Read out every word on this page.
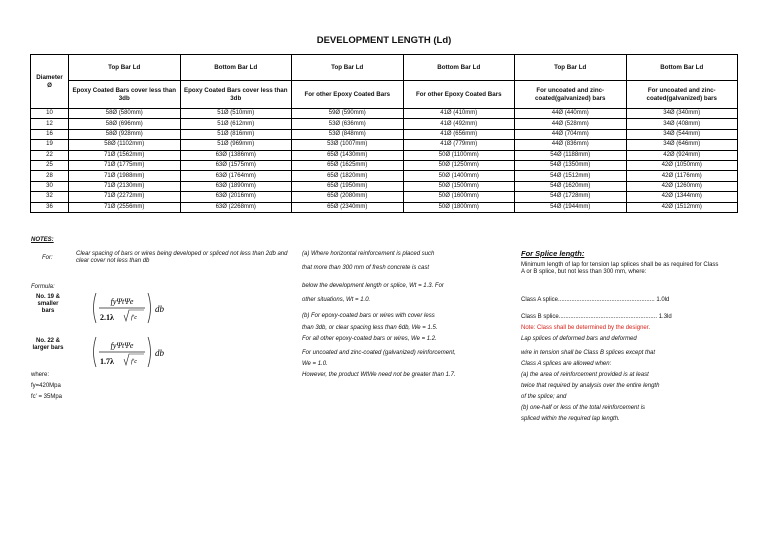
DEVELOPMENT LENGTH (Ld)
Diameter
Ø	Top Bar Ld	Bottom Bar Ld	Top Bar Ld	Bottom Bar Ld	Top Bar Ld	Bottom Bar Ld
	Epoxy Coated Bars cover less than 3db	Epoxy Coated Bars cover less than 3db	For other Epoxy Coated Bars	For other Epoxy Coated Bars	For uncoated and zinc-coated(galvanized) bars	For uncoated and zinc-coated(galvanized) bars
10	58Ø (580mm)	51Ø (510mm)	59Ø (590mm)	41Ø (410mm)	44Ø (440mm)	34Ø (340mm)
12	58Ø (696mm)	51Ø (612mm)	53Ø (636mm)	41Ø (492mm)	44Ø (528mm)	34Ø (408mm)
16	58Ø (928mm)	51Ø (816mm)	53Ø (848mm)	41Ø (656mm)	44Ø (704mm)	34Ø (544mm)
19	58Ø (1102mm)	51Ø (969mm)	53Ø (1007mm)	41Ø (779mm)	44Ø (836mm)	34Ø (646mm)
22	71Ø (1562mm)	63Ø (1386mm)	65Ø (1430mm)	50Ø (1100mm)	54Ø (1188mm)	42Ø (924mm)
25	71Ø (1775mm)	63Ø (1575mm)	65Ø (1625mm)	50Ø (1250mm)	54Ø (1350mm)	42Ø (1050mm)
28	71Ø (1988mm)	63Ø (1764mm)	65Ø (1820mm)	50Ø (1400mm)	54Ø (1512mm)	42Ø (1176mm)
30	71Ø (2130mm)	63Ø (1890mm)	65Ø (1950mm)	50Ø (1500mm)	54Ø (1620mm)	42Ø (1260mm)
32	71Ø (2272mm)	63Ø (2016mm)	65Ø (2080mm)	50Ø (1600mm)	54Ø (1728mm)	42Ø (1344mm)
36	71Ø (2556mm)	63Ø (2268mm)	65Ø (2340mm)	50Ø (1800mm)	54Ø (1944mm)	42Ø (1512mm)
NOTES:
For:
Clear spacing of bars or wires being developed or spliced not less than 2db and clear cover not less than db
Formula:
No. 19 & smaller bars
No. 22 & larger bars
fyΨtΨe
2.1λ	f'c
db
fyΨtΨe
1.7λ	f'c
db
where:
fy=420Mpa
fc' = 35Mpa
(a) Where horizontal reinforcement is placed such
that more than 300 mm of fresh concrete is cast
below the development length or splice, Wt = 1.3. For
other situations, Wt = 1.0.
(b) For epoxy-coated bars or wires with cover less
than 3db, or clear spacing less than 6db, We = 1.5.
For all other epoxy-coated bars or wires, We = 1.2.
For uncoated and zinc-coated (galvanized) reinforcement,
We = 1.0.
However, the product WtWe need not be greater than 1.7.
For Splice length:
Minimum length of lap for tension lap splices shall be as required for Class A or B splice, but not less than 300 mm, where:
Class A splice.......................................................... 1.0ld
Class B splice........................................................... 1.3ld
Note: Class shall be determined by the designer.
Lap splices of deformed bars and deformed
wire in tension shall be Class B splices except that
Class A splices are allowed when:
(a) the area of reinforcement provided is at least
twice that required by analysis over the entire length
of the splice; and
(b) one-half or less of the total reinforcement is
spliced within the required lap length.
